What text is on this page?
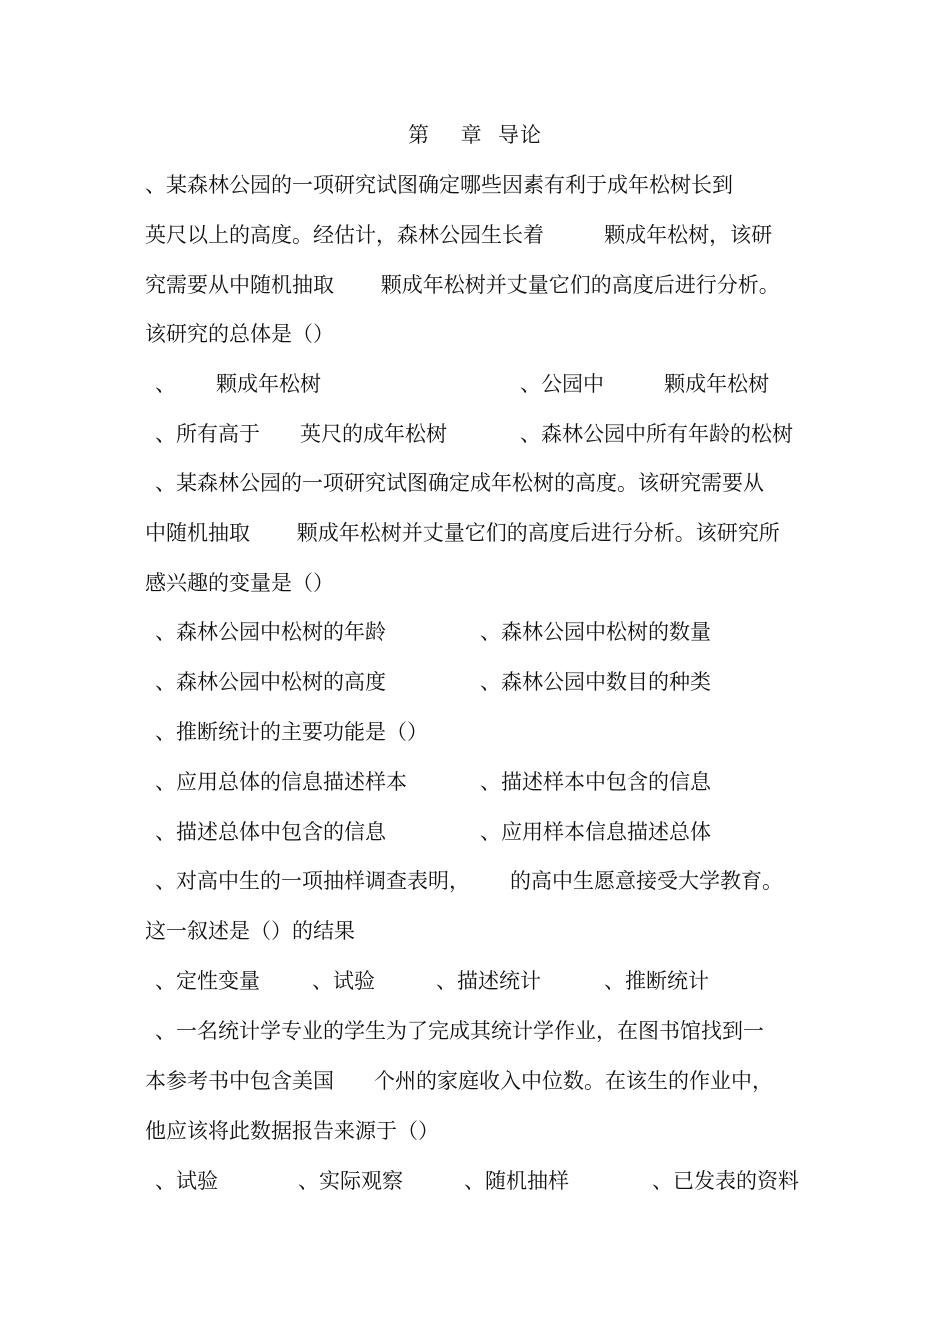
第    章  导论
、某森林公园的一项研究试图确定哪些因素有利于成年松树长到
英尺以上的高度。经估计，森林公园生长着         颗成年松树，该研
究需要从中随机抽取       颗成年松树并丈量它们的高度后进行分析。
该研究的总体是（）
、      颗成年松树	、公园中         颗成年松树
、所有高于      英尺的成年松树	、森林公园中所有年龄的松树
、某森林公园的一项研究试图确定成年松树的高度。该研究需要从
中随机抽取       颗成年松树并丈量它们的高度后进行分析。该研究所
感兴趣的变量是（）
、森林公园中松树的年龄	、森林公园中松树的数量
、森林公园中松树的高度	、森林公园中数目的种类
、推断统计的主要功能是（）
、应用总体的信息描述样本	、描述样本中包含的信息
、描述总体中包含的信息	、应用样本信息描述总体
、对高中生的一项抽样调查表明，      的高中生愿意接受大学教育。
这一叙述是（）的结果
、定性变量 、试验	、描述统计	、推断统计
、一名统计学专业的学生为了完成其统计学作业，在图书馆找到一
本参考书中包含美国      个州的家庭收入中位数。在该生的作业中，
他应该将此数据报告来源于（）
、试验	、实际观察	、随机抽样	、已发表的资料
